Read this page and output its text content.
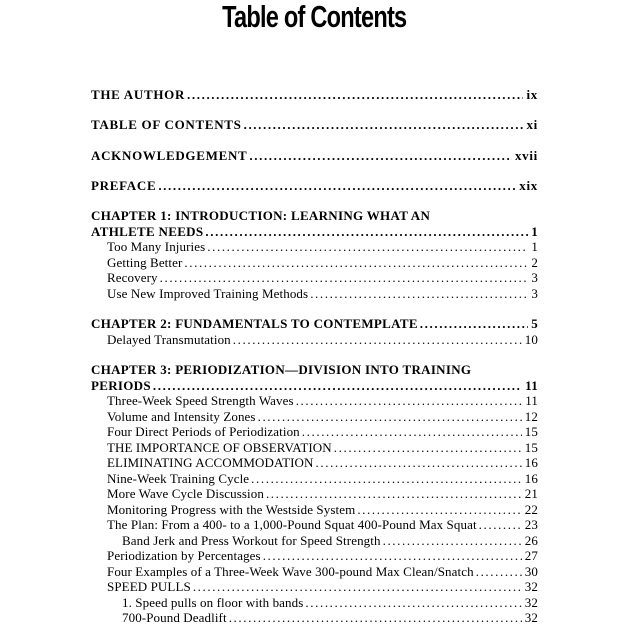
Table of Contents
THE AUTHOR .....	ix
TABLE OF CONTENTS .....	xi
ACKNOWLEDGEMENT .....	xvii
PREFACE .....	xix
CHAPTER 1: INTRODUCTION: LEARNING WHAT AN
ATHLETE NEEDS .....	1
Too Many Injuries .....	1
Getting Better .....	2
Recovery .....	3
Use New Improved Training Methods .....	3
CHAPTER 2: FUNDAMENTALS TO CONTEMPLATE .....	5
Delayed Transmutation .....	10
CHAPTER 3: PERIODIZATION—DIVISION INTO TRAINING
PERIODS .....	11
Three-Week Speed Strength Waves .....	11
Volume and Intensity Zones .....	12
Four Direct Periods of Periodization .....	15
THE IMPORTANCE OF OBSERVATION .....	15
ELIMINATING ACCOMMODATION .....	16
Nine-Week Training Cycle .....	16
More Wave Cycle Discussion .....	21
Monitoring Progress with the Westside System .....	22
The Plan: From a 400- to a 1,000-Pound Squat 400-Pound Max Squat .....	23
Band Jerk and Press Workout for Speed Strength .....	26
Periodization by Percentages .....	27
Four Examples of a Three-Week Wave 300-pound Max Clean/Snatch .....	30
SPEED PULLS .....	32
1. Speed pulls on floor with bands .....	32
700-Pound Deadlift .....	32
